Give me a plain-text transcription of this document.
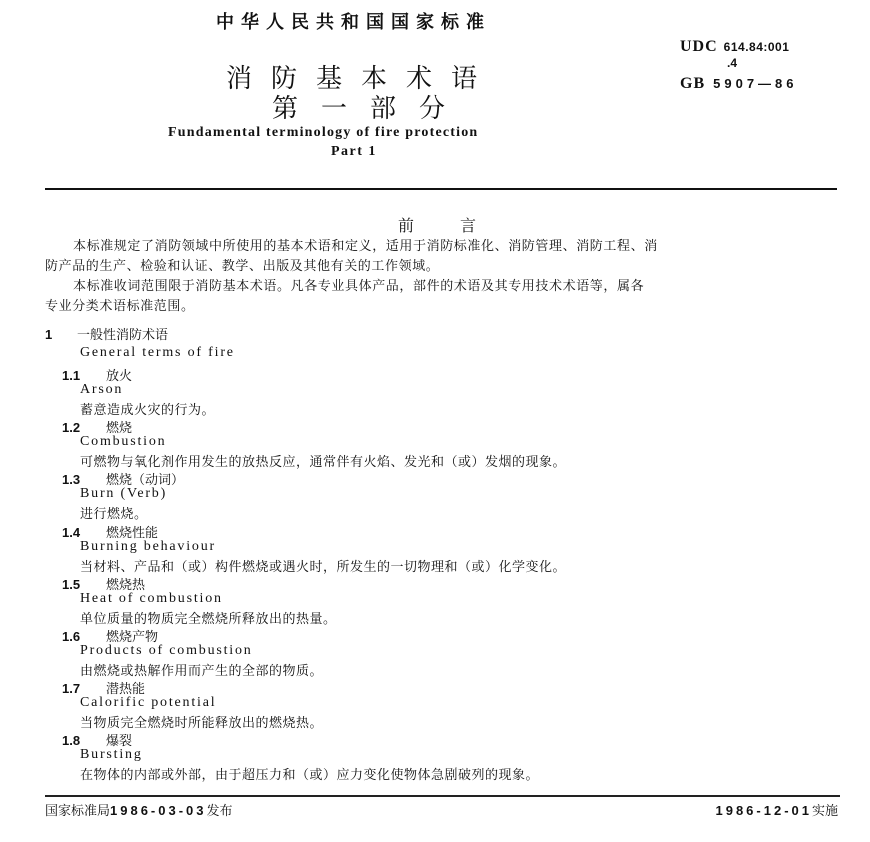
中华人民共和国国家标准
消防基本术语
第一部分
UDC 614.84:001
.4
GB 5907—86
Fundamental terminology of fire protection
Part 1
前	言
本标准规定了消防领域中所使用的基本术语和定义，适用于消防标准化、消防管理、消防工程、消
防产品的生产、检验和认证、教学、出版及其他有关的工作领域。
本标准收词范围限于消防基本术语。凡各专业具体产品，部件的术语及其专用技术术语等，属各
专业分类术语标准范围。
1 一般性消防术语
General terms of fire
1.1 放火
Arson
蓄意造成火灾的行为。
1.2 燃烧
Combustion
可燃物与氧化剂作用发生的放热反应，通常伴有火焰、发光和（或）发烟的现象。
1.3 燃烧（动词）
Burn (Verb)
进行燃烧。
1.4 燃烧性能
Burning behaviour
当材料、产品和（或）构件燃烧或遇火时，所发生的一切物理和（或）化学变化。
1.5 燃烧热
Heat of combustion
单位质量的物质完全燃烧所释放出的热量。
1.6 燃烧产物
Products of combustion
由燃烧或热解作用而产生的全部的物质。
1.7 潜热能
Calorific potential
当物质完全燃烧时所能释放出的燃烧热。
1.8 爆裂
Bursting
在物体的内部或外部，由于超压力和（或）应力变化使物体急剧破列的现象。
国家标准局1986-03-03发布	1986-12-01实施
